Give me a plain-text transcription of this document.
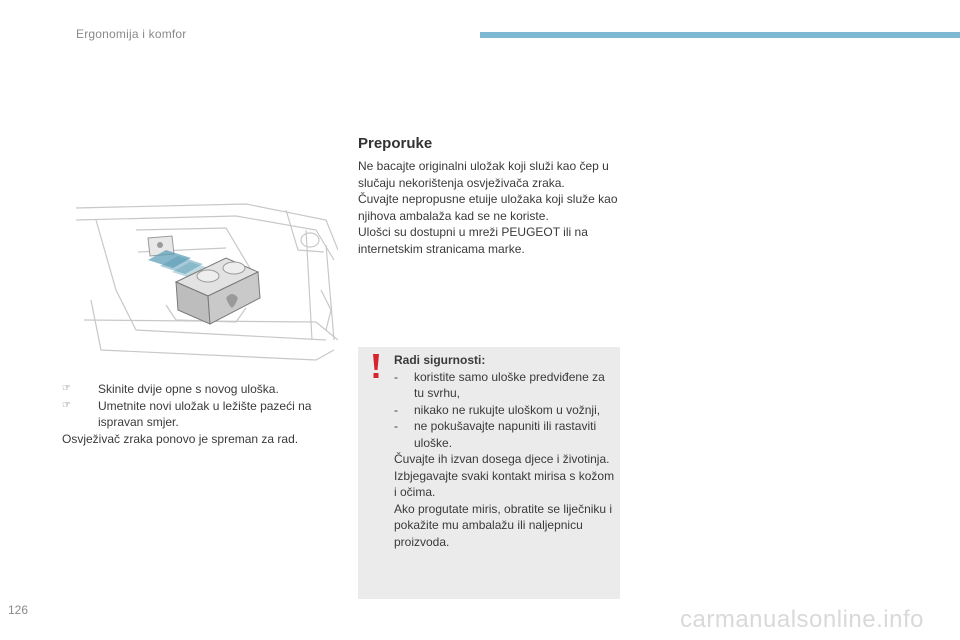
Ergonomija i komfor
☞ Skinite dvije opne s novog uloška.
☞ Umetnite novi uložak u ležište pazeći na ispravan smjer.
Osvježivač zraka ponovo je spreman za rad.
Preporuke

Ne bacajte originalni uložak koji služi kao čep u slučaju nekorištenja osvježivača zraka.

Čuvajte nepropusne etuije uložaka koji služe kao njihova ambalaža kad se ne koriste.

Ulošci su dostupni u mreži PEUGEOT ili na internetskim stranicama marke.

Radi sigurnosti:

- koristite samo uloške predviđene za tu svrhu,
- nikako ne rukujte uloškom u vožnji,
- ne pokušavajte napuniti ili rastaviti uloške.

Čuvajte ih izvan dosega djece i životinja.

Izbjegavajte svaki kontakt mirisa s kožom i očima.

Ako progutate miris, obratite se liječniku i pokažite mu ambalažu ili naljepnicu proizvoda.

126	carmanualsonline.info
